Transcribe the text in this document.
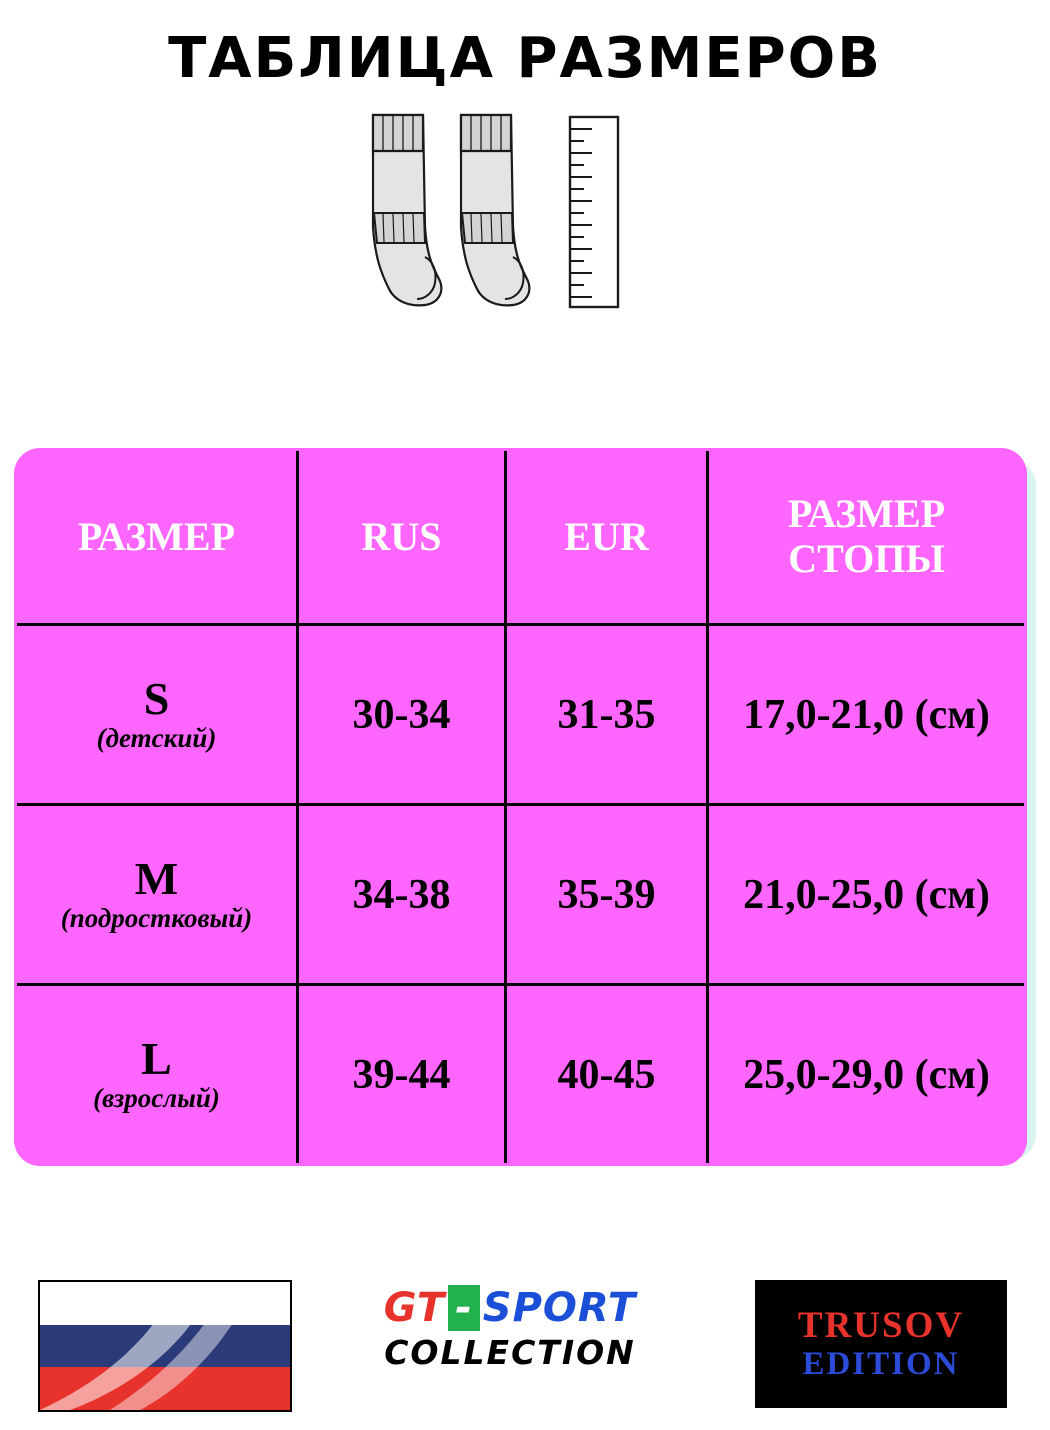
ТАБЛИЦА РАЗМЕРОВ
РАЗМЕР	RUS	EUR	РАЗМЕР
СТОПЫ

S
(детский)	30-34	31-35	17,0-21,0 (см)

M
(подростковый)	34-38	35-39	21,0-25,0 (см)

L
(взрослый)	39-44	40-45	25,0-29,0 (см)
GT - SPORT
COLLECTION
TRUSOV
EDITION
